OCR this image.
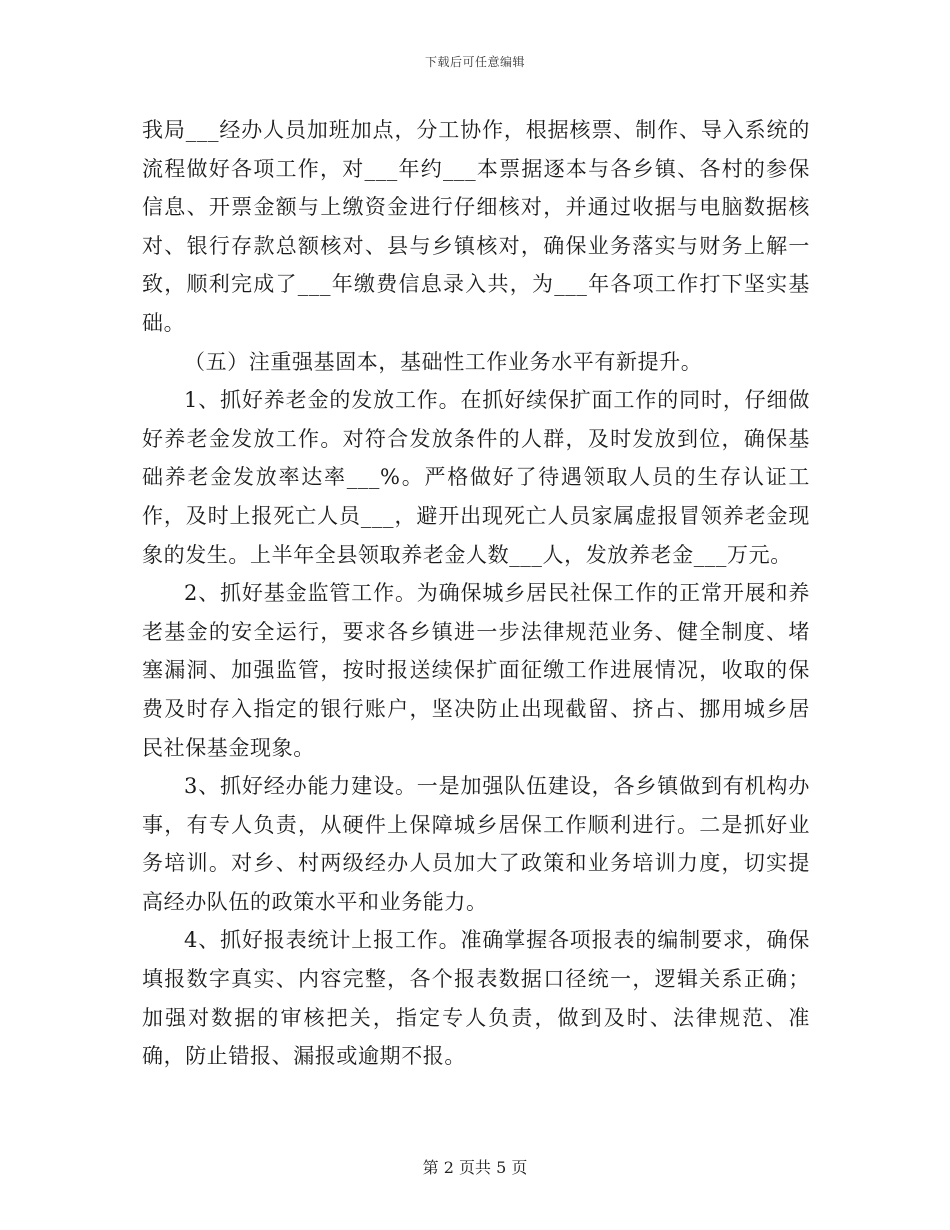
下载后可任意编辑

我局___经办人员加班加点，分工协作，根据核票、制作、导入系统的流程做好各项工作，对___年约___本票据逐本与各乡镇、各村的参保信息、开票金额与上缴资金进行仔细核对，并通过收据与电脑数据核对、银行存款总额核对、县与乡镇核对，确保业务落实与财务上解一致，顺利完成了___年缴费信息录入共，为___年各项工作打下坚实基础。

（五）注重强基固本，基础性工作业务水平有新提升。

1、抓好养老金的发放工作。在抓好续保扩面工作的同时，仔细做好养老金发放工作。对符合发放条件的人群，及时发放到位，确保基础养老金发放率达率___%。严格做好了待遇领取人员的生存认证工作，及时上报死亡人员___，避开出现死亡人员家属虚报冒领养老金现象的发生。上半年全县领取养老金人数___人，发放养老金___万元。

2、抓好基金监管工作。为确保城乡居民社保工作的正常开展和养老基金的安全运行，要求各乡镇进一步法律规范业务、健全制度、堵塞漏洞、加强监管，按时报送续保扩面征缴工作进展情况，收取的保费及时存入指定的银行账户，坚决防止出现截留、挤占、挪用城乡居民社保基金现象。

3、抓好经办能力建设。一是加强队伍建设，各乡镇做到有机构办事，有专人负责，从硬件上保障城乡居保工作顺利进行。二是抓好业务培训。对乡、村两级经办人员加大了政策和业务培训力度，切实提高经办队伍的政策水平和业务能力。

4、抓好报表统计上报工作。准确掌握各项报表的编制要求，确保填报数字真实、内容完整，各个报表数据口径统一，逻辑关系正确；加强对数据的审核把关，指定专人负责，做到及时、法律规范、准确，防止错报、漏报或逾期不报。

第 2 页共 5 页
